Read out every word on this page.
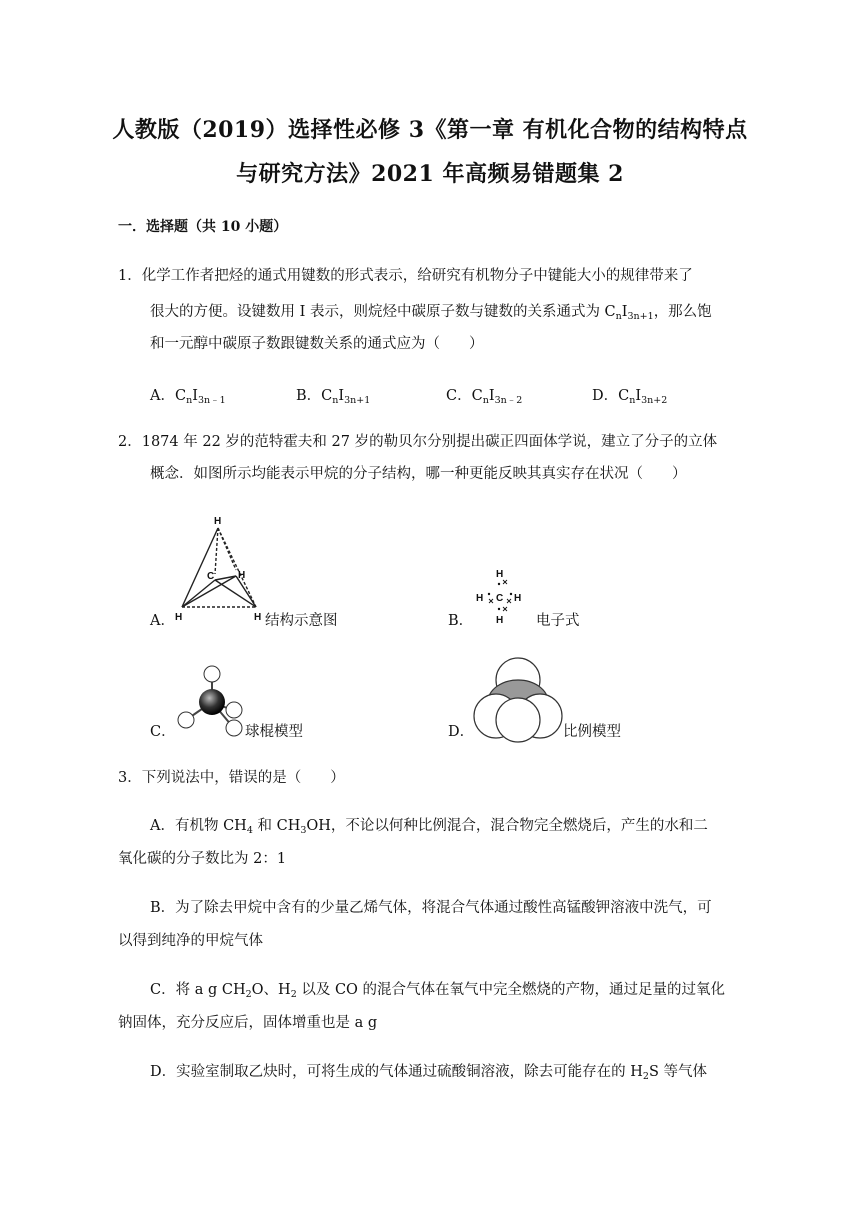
人教版（2019）选择性必修 3《第一章 有机化合物的结构特点
与研究方法》2021 年高频易错题集 2
一．选择题（共 10 小题）
1．化学工作者把烃的通式用键数的形式表示，给研究有机物分子中键能大小的规律带来了
很大的方便。设键数用 I 表示，则烷烃中碳原子数与键数的关系通式为 $C_nI_{3n+1}$，那么饱
和一元醇中碳原子数跟键数关系的通式应为（　　）
A．$C_nI_{3n﹣1}$	B．$C_nI_{3n+1}$	C．$C_nI_{3n﹣2}$	D．$C_nI_{3n+2}$
2．1874 年 22 岁的范特霍夫和 27 岁的勒贝尔分别提出碳正四面体学说，建立了分子的立体
概念．如图所示均能表示甲烷的分子结构，哪一种更能反映其真实存在状况（　　）
A．
H
C H
H	H 结构示意图	B．
H
H C H
H 电子式
C．	球棍模型	D．	比例模型
3．下列说法中，错误的是（　　）
A．有机物 $CH_4$ 和 $CH_3OH$，不论以何种比例混合，混合物完全燃烧后，产生的水和二
氧化碳的分子数比为 2：1
B．为了除去甲烷中含有的少量乙烯气体，将混合气体通过酸性高锰酸钾溶液中洗气，可
以得到纯净的甲烷气体
C．将 a g $CH_2O$、$H_2$ 以及 CO 的混合气体在氧气中完全燃烧的产物，通过足量的过氧化
钠固体，充分反应后，固体增重也是 a g
D．实验室制取乙炔时，可将生成的气体通过硫酸铜溶液，除去可能存在的 $H_2S$ 等气体
